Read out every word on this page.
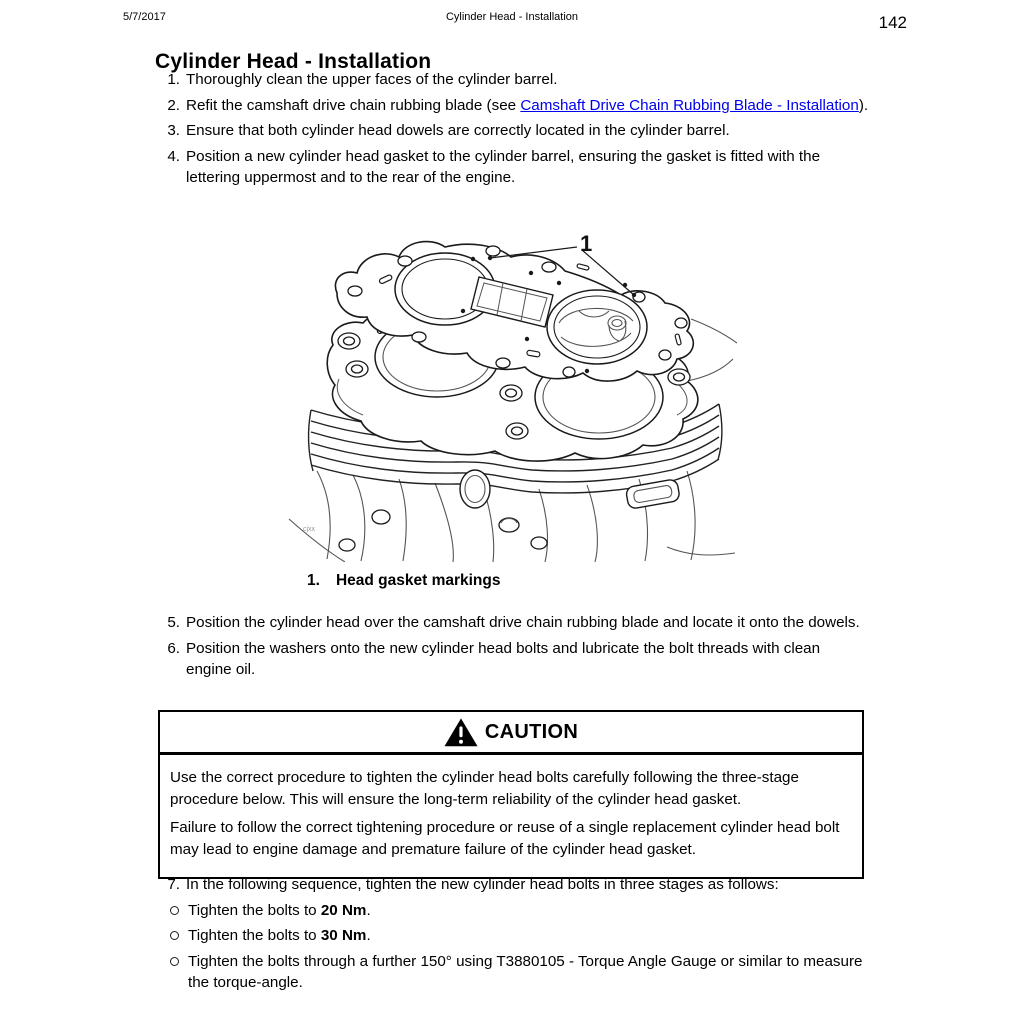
5/7/2017	Cylinder Head - Installation	142
Cylinder Head - Installation
1. Thoroughly clean the upper faces of the cylinder barrel.
2. Refit the camshaft drive chain rubbing blade (see Camshaft Drive Chain Rubbing Blade - Installation).
3. Ensure that both cylinder head dowels are correctly located in the cylinder barrel.
4. Position a new cylinder head gasket to the cylinder barrel, ensuring the gasket is fitted with the lettering uppermost and to the rear of the engine.
1
cjxx
1. Head gasket markings
5. Position the cylinder head over the camshaft drive chain rubbing blade and locate it onto the dowels.
6. Position the washers onto the new cylinder head bolts and lubricate the bolt threads with clean engine oil.
CAUTION

Use the correct procedure to tighten the cylinder head bolts carefully following the three-stage procedure below. This will ensure the long-term reliability of the cylinder head gasket.

Failure to follow the correct tightening procedure or reuse of a single replacement cylinder head bolt may lead to engine damage and premature failure of the cylinder head gasket.

7. In the following sequence, tighten the new cylinder head bolts in three stages as follows:
Tighten the bolts to 20 Nm.
Tighten the bolts to 30 Nm.
Tighten the bolts through a further 150° using T3880105 - Torque Angle Gauge or similar to measure the torque-angle.
